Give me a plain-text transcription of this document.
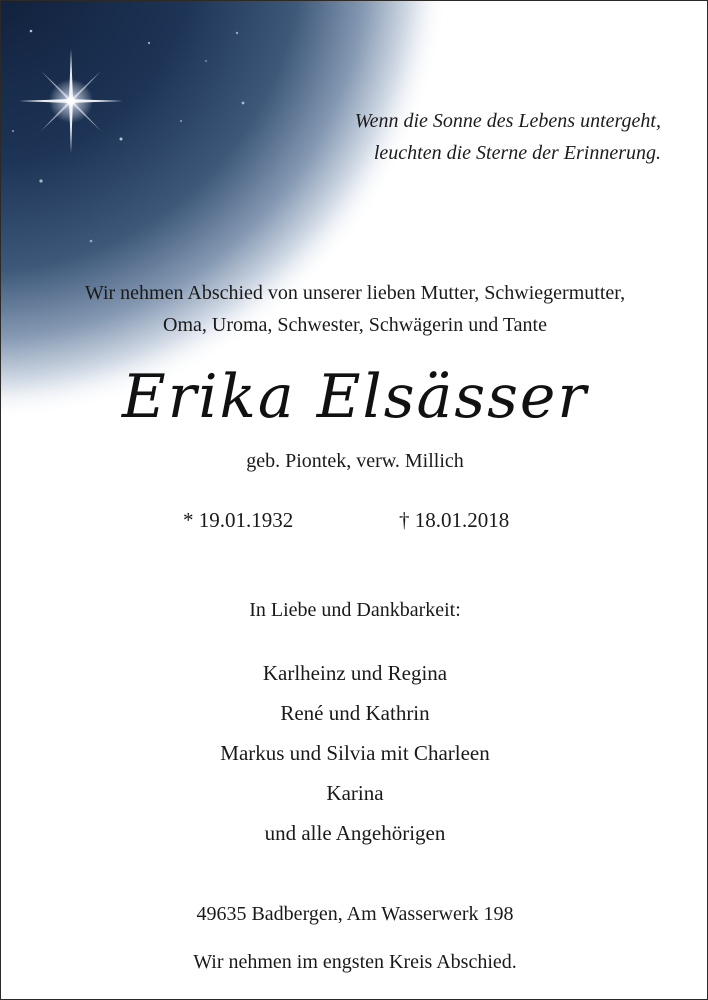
Wenn die Sonne des Lebens untergeht,
leuchten die Sterne der Erinnerung.
Wir nehmen Abschied von unserer lieben Mutter, Schwiegermutter,
Oma, Uroma, Schwester, Schwägerin und Tante
Erika Elsässer
geb. Piontek, verw. Millich
* 19.01.1932	† 18.01.2018
In Liebe und Dankbarkeit:
Karlheinz und Regina
René und Kathrin
Markus und Silvia mit Charleen
Karina
und alle Angehörigen
49635 Badbergen, Am Wasserwerk 198
Wir nehmen im engsten Kreis Abschied.
